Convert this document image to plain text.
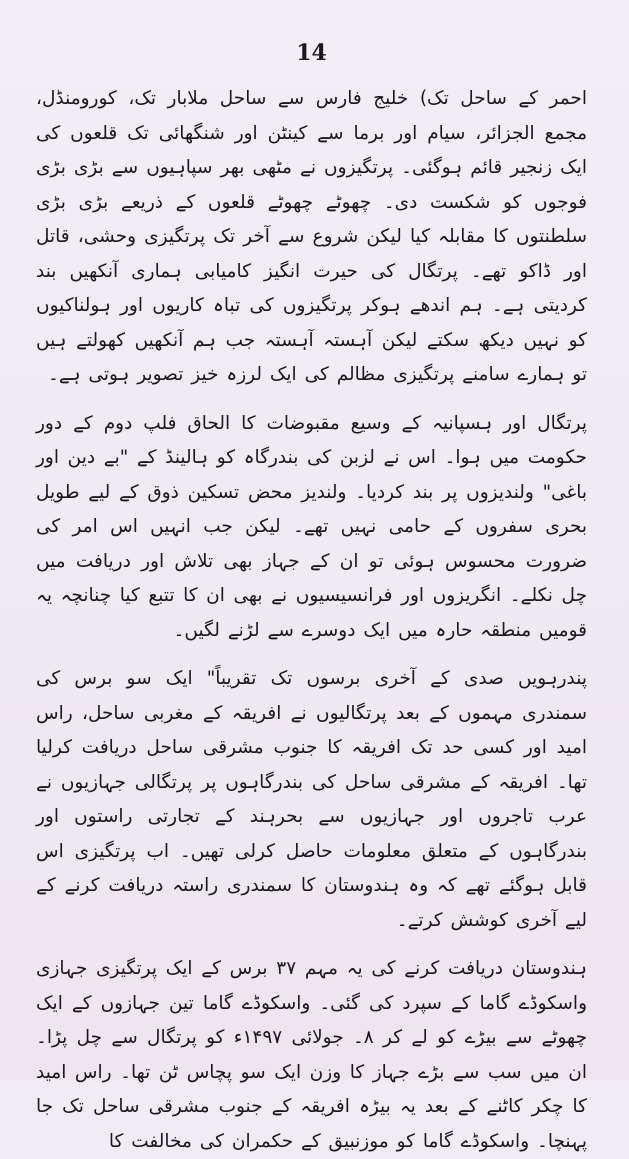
14

احمر کے ساحل تک) خلیج فارس سے ساحل ملابار تک، کورومنڈل، مجمع الجزائر، سیام اور برما سے کینٹن اور شنگھائی تک قلعوں کی ایک زنجیر قائم ہوگئی۔ پرتگیزوں نے مٹھی بھر سپاہیوں سے بڑی بڑی فوجوں کو شکست دی۔ چھوٹے چھوٹے قلعوں کے ذریعے بڑی بڑی سلطنتوں کا مقابلہ کیا لیکن شروع سے آخر تک پرتگیزی وحشی، قاتل اور ڈاکو تھے۔ پرتگال کی حیرت انگیز کامیابی ہماری آنکھیں بند کردیتی ہے۔ ہم اندھے ہوکر پرتگیزوں کی تباہ کاریوں اور ہولناکیوں کو نہیں دیکھ سکتے لیکن آہستہ آہستہ جب ہم آنکھیں کھولتے ہیں تو ہمارے سامنے پرتگیزی مظالم کی ایک لرزہ خیز تصویر ہوتی ہے۔

پرتگال اور ہسپانیہ کے وسیع مقبوضات کا الحاق فلپ دوم کے دور حکومت میں ہوا۔ اس نے لزبن کی بندرگاہ کو ہالینڈ کے "بے دین اور باغی" ولندیزوں پر بند کردیا۔ ولندیز محض تسکین ذوق کے لیے طویل بحری سفروں کے حامی نہیں تھے۔ لیکن جب انہیں اس امر کی ضرورت محسوس ہوئی تو ان کے جہاز بھی تلاش اور دریافت میں چل نکلے۔ انگریزوں اور فرانسیسیوں نے بھی ان کا تتبع کیا چنانچہ یہ قومیں منطقہ حارہ میں ایک دوسرے سے لڑنے لگیں۔

پندرہویں صدی کے آخری برسوں تک تقریباً" ایک سو برس کی سمندری مہموں کے بعد پرتگالیوں نے افریقہ کے مغربی ساحل، راس امید اور کسی حد تک افریقہ کا جنوب مشرقی ساحل دریافت کرلیا تھا۔ افریقہ کے مشرقی ساحل کی بندرگاہوں پر پرتگالی جہازیوں نے عرب تاجروں اور جہازیوں سے بحرہند کے تجارتی راستوں اور بندرگاہوں کے متعلق معلومات حاصل کرلی تھیں۔ اب پرتگیزی اس قابل ہوگئے تھے کہ وہ ہندوستان کا سمندری راستہ دریافت کرنے کے لیے آخری کوشش کرتے۔

ہندوستان دریافت کرنے کی یہ مہم ۳۷ برس کے ایک پرتگیزی جہازی واسکوڈے گاما کے سپرد کی گئی۔ واسکوڈے گاما تین جہازوں کے ایک چھوٹے سے بیڑے کو لے کر ۸۔ جولائی ۱۴۹۷ء کو پرتگال سے چل پڑا۔ ان میں سب سے بڑے جہاز کا وزن ایک سو پچاس ٹن تھا۔ راس امید کا چکر کاٹنے کے بعد یہ بیڑہ افریقہ کے جنوب مشرقی ساحل تک جا پہنچا۔ واسکوڈے گاما کو موزنبیق کے حکمران کی مخالفت کا
